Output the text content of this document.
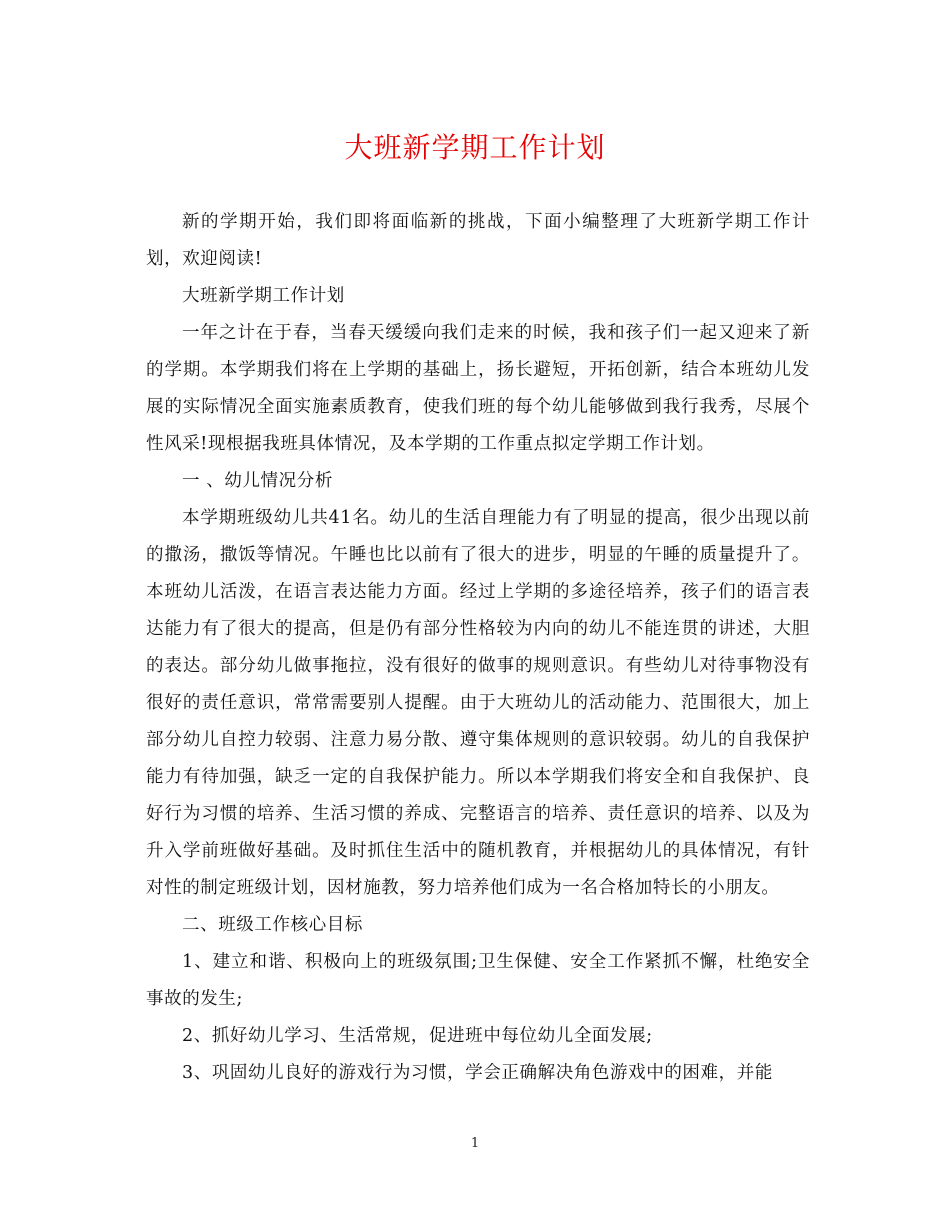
大班新学期工作计划

新的学期开始，我们即将面临新的挑战，下面小编整理了大班新学期工作计划，欢迎阅读!

大班新学期工作计划

一年之计在于春，当春天缓缓向我们走来的时候，我和孩子们一起又迎来了新的学期。本学期我们将在上学期的基础上，扬长避短，开拓创新，结合本班幼儿发展的实际情况全面实施素质教育，使我们班的每个幼儿能够做到我行我秀，尽展个性风采!现根据我班具体情况，及本学期的工作重点拟定学期工作计划。

一 、幼儿情况分析

本学期班级幼儿共41名。幼儿的生活自理能力有了明显的提高，很少出现以前的撒汤，撒饭等情况。午睡也比以前有了很大的进步，明显的午睡的质量提升了。本班幼儿活泼，在语言表达能力方面。经过上学期的多途径培养，孩子们的语言表达能力有了很大的提高，但是仍有部分性格较为内向的幼儿不能连贯的讲述，大胆的表达。部分幼儿做事拖拉，没有很好的做事的规则意识。有些幼儿对待事物没有很好的责任意识，常常需要别人提醒。由于大班幼儿的活动能力、范围很大，加上部分幼儿自控力较弱、注意力易分散、遵守集体规则的意识较弱。幼儿的自我保护能力有待加强，缺乏一定的自我保护能力。所以本学期我们将安全和自我保护、良好行为习惯的培养、生活习惯的养成、完整语言的培养、责任意识的培养、以及为升入学前班做好基础。及时抓住生活中的随机教育，并根据幼儿的具体情况，有针对性的制定班级计划，因材施教，努力培养他们成为一名合格加特长的小朋友。

二、班级工作核心目标

1、建立和谐、积极向上的班级氛围;卫生保健、安全工作紧抓不懈，杜绝安全事故的发生;

2、抓好幼儿学习、生活常规，促进班中每位幼儿全面发展;

3、巩固幼儿良好的游戏行为习惯，学会正确解决角色游戏中的困难，并能

1
